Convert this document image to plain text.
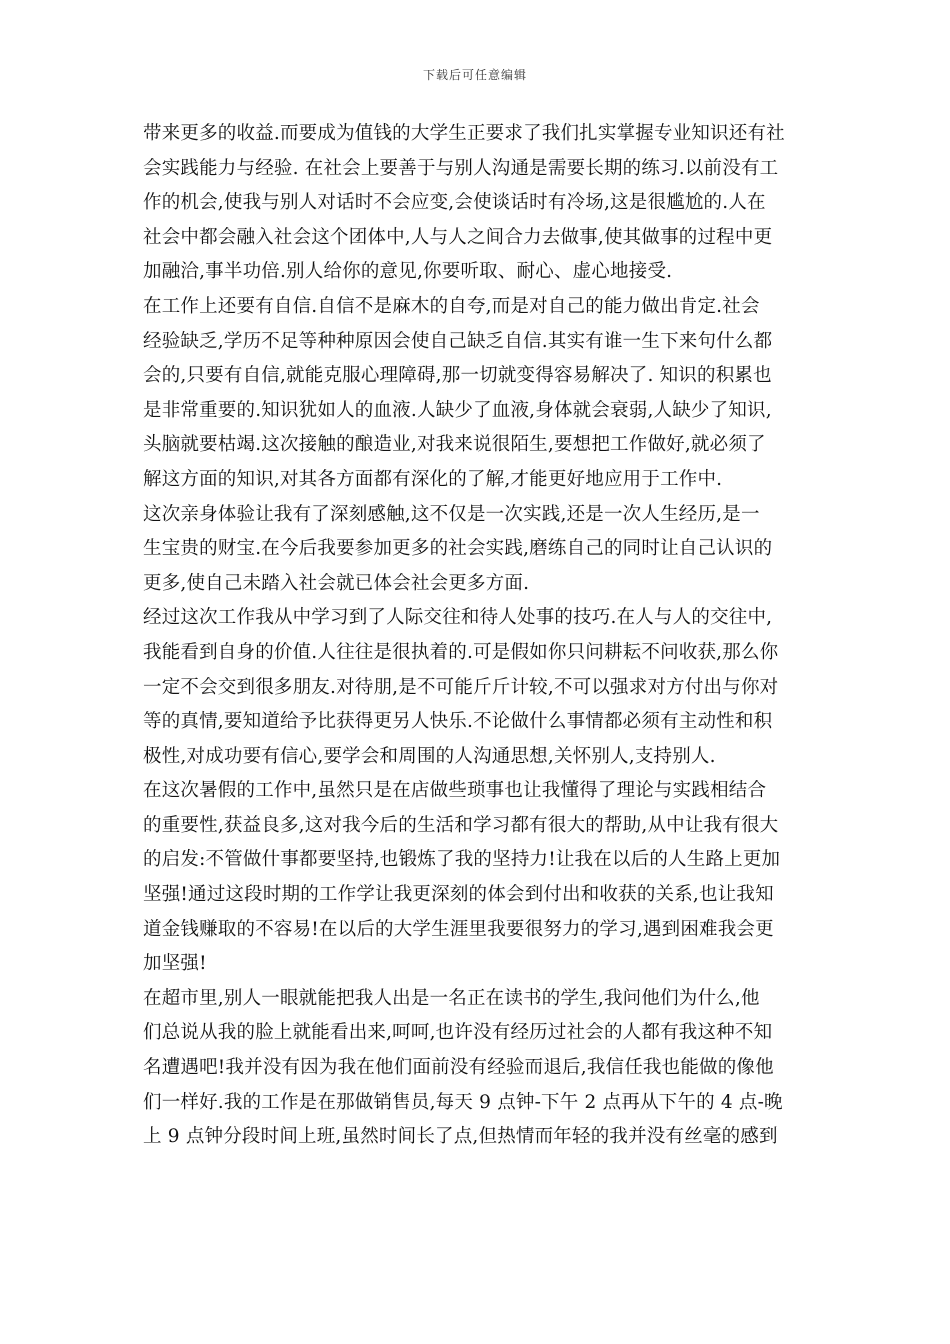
下载后可任意编辑
带来更多的收益.而要成为值钱的大学生正要求了我们扎实掌握专业知识还有社
会实践能力与经验. 在社会上要善于与别人沟通是需要长期的练习.以前没有工
作的机会,使我与别人对话时不会应变,会使谈话时有冷场,这是很尴尬的.人在
社会中都会融入社会这个团体中,人与人之间合力去做事,使其做事的过程中更
加融洽,事半功倍.别人给你的意见,你要听取、耐心、虚心地接受.
在工作上还要有自信.自信不是麻木的自夸,而是对自己的能力做出肯定.社会
经验缺乏,学历不足等种种原因会使自己缺乏自信.其实有谁一生下来句什么都
会的,只要有自信,就能克服心理障碍,那一切就变得容易解决了. 知识的积累也
是非常重要的.知识犹如人的血液.人缺少了血液,身体就会衰弱,人缺少了知识,
头脑就要枯竭.这次接触的酿造业,对我来说很陌生,要想把工作做好,就必须了
解这方面的知识,对其各方面都有深化的了解,才能更好地应用于工作中.
这次亲身体验让我有了深刻感触,这不仅是一次实践,还是一次人生经历,是一
生宝贵的财宝.在今后我要参加更多的社会实践,磨练自己的同时让自己认识的
更多,使自己未踏入社会就已体会社会更多方面.
经过这次工作我从中学习到了人际交往和待人处事的技巧.在人与人的交往中,
我能看到自身的价值.人往往是很执着的.可是假如你只问耕耘不问收获,那么你
一定不会交到很多朋友.对待朋,是不可能斤斤计较,不可以强求对方付出与你对
等的真情,要知道给予比获得更另人快乐.不论做什么事情都必须有主动性和积
极性,对成功要有信心,要学会和周围的人沟通思想,关怀别人,支持别人.
在这次暑假的工作中,虽然只是在店做些琐事也让我懂得了理论与实践相结合
的重要性,获益良多,这对我今后的生活和学习都有很大的帮助,从中让我有很大
的启发:不管做什事都要坚持,也锻炼了我的坚持力!让我在以后的人生路上更加
坚强!通过这段时期的工作学让我更深刻的体会到付出和收获的关系,也让我知
道金钱赚取的不容易!在以后的大学生涯里我要很努力的学习,遇到困难我会更
加坚强!
在超市里,别人一眼就能把我人出是一名正在读书的学生,我问他们为什么,他
们总说从我的脸上就能看出来,呵呵,也许没有经历过社会的人都有我这种不知
名遭遇吧!我并没有因为我在他们面前没有经验而退后,我信任我也能做的像他
们一样好.我的工作是在那做销售员,每天 9 点钟-下午 2 点再从下午的 4 点-晚
上 9 点钟分段时间上班,虽然时间长了点,但热情而年轻的我并没有丝毫的感到
